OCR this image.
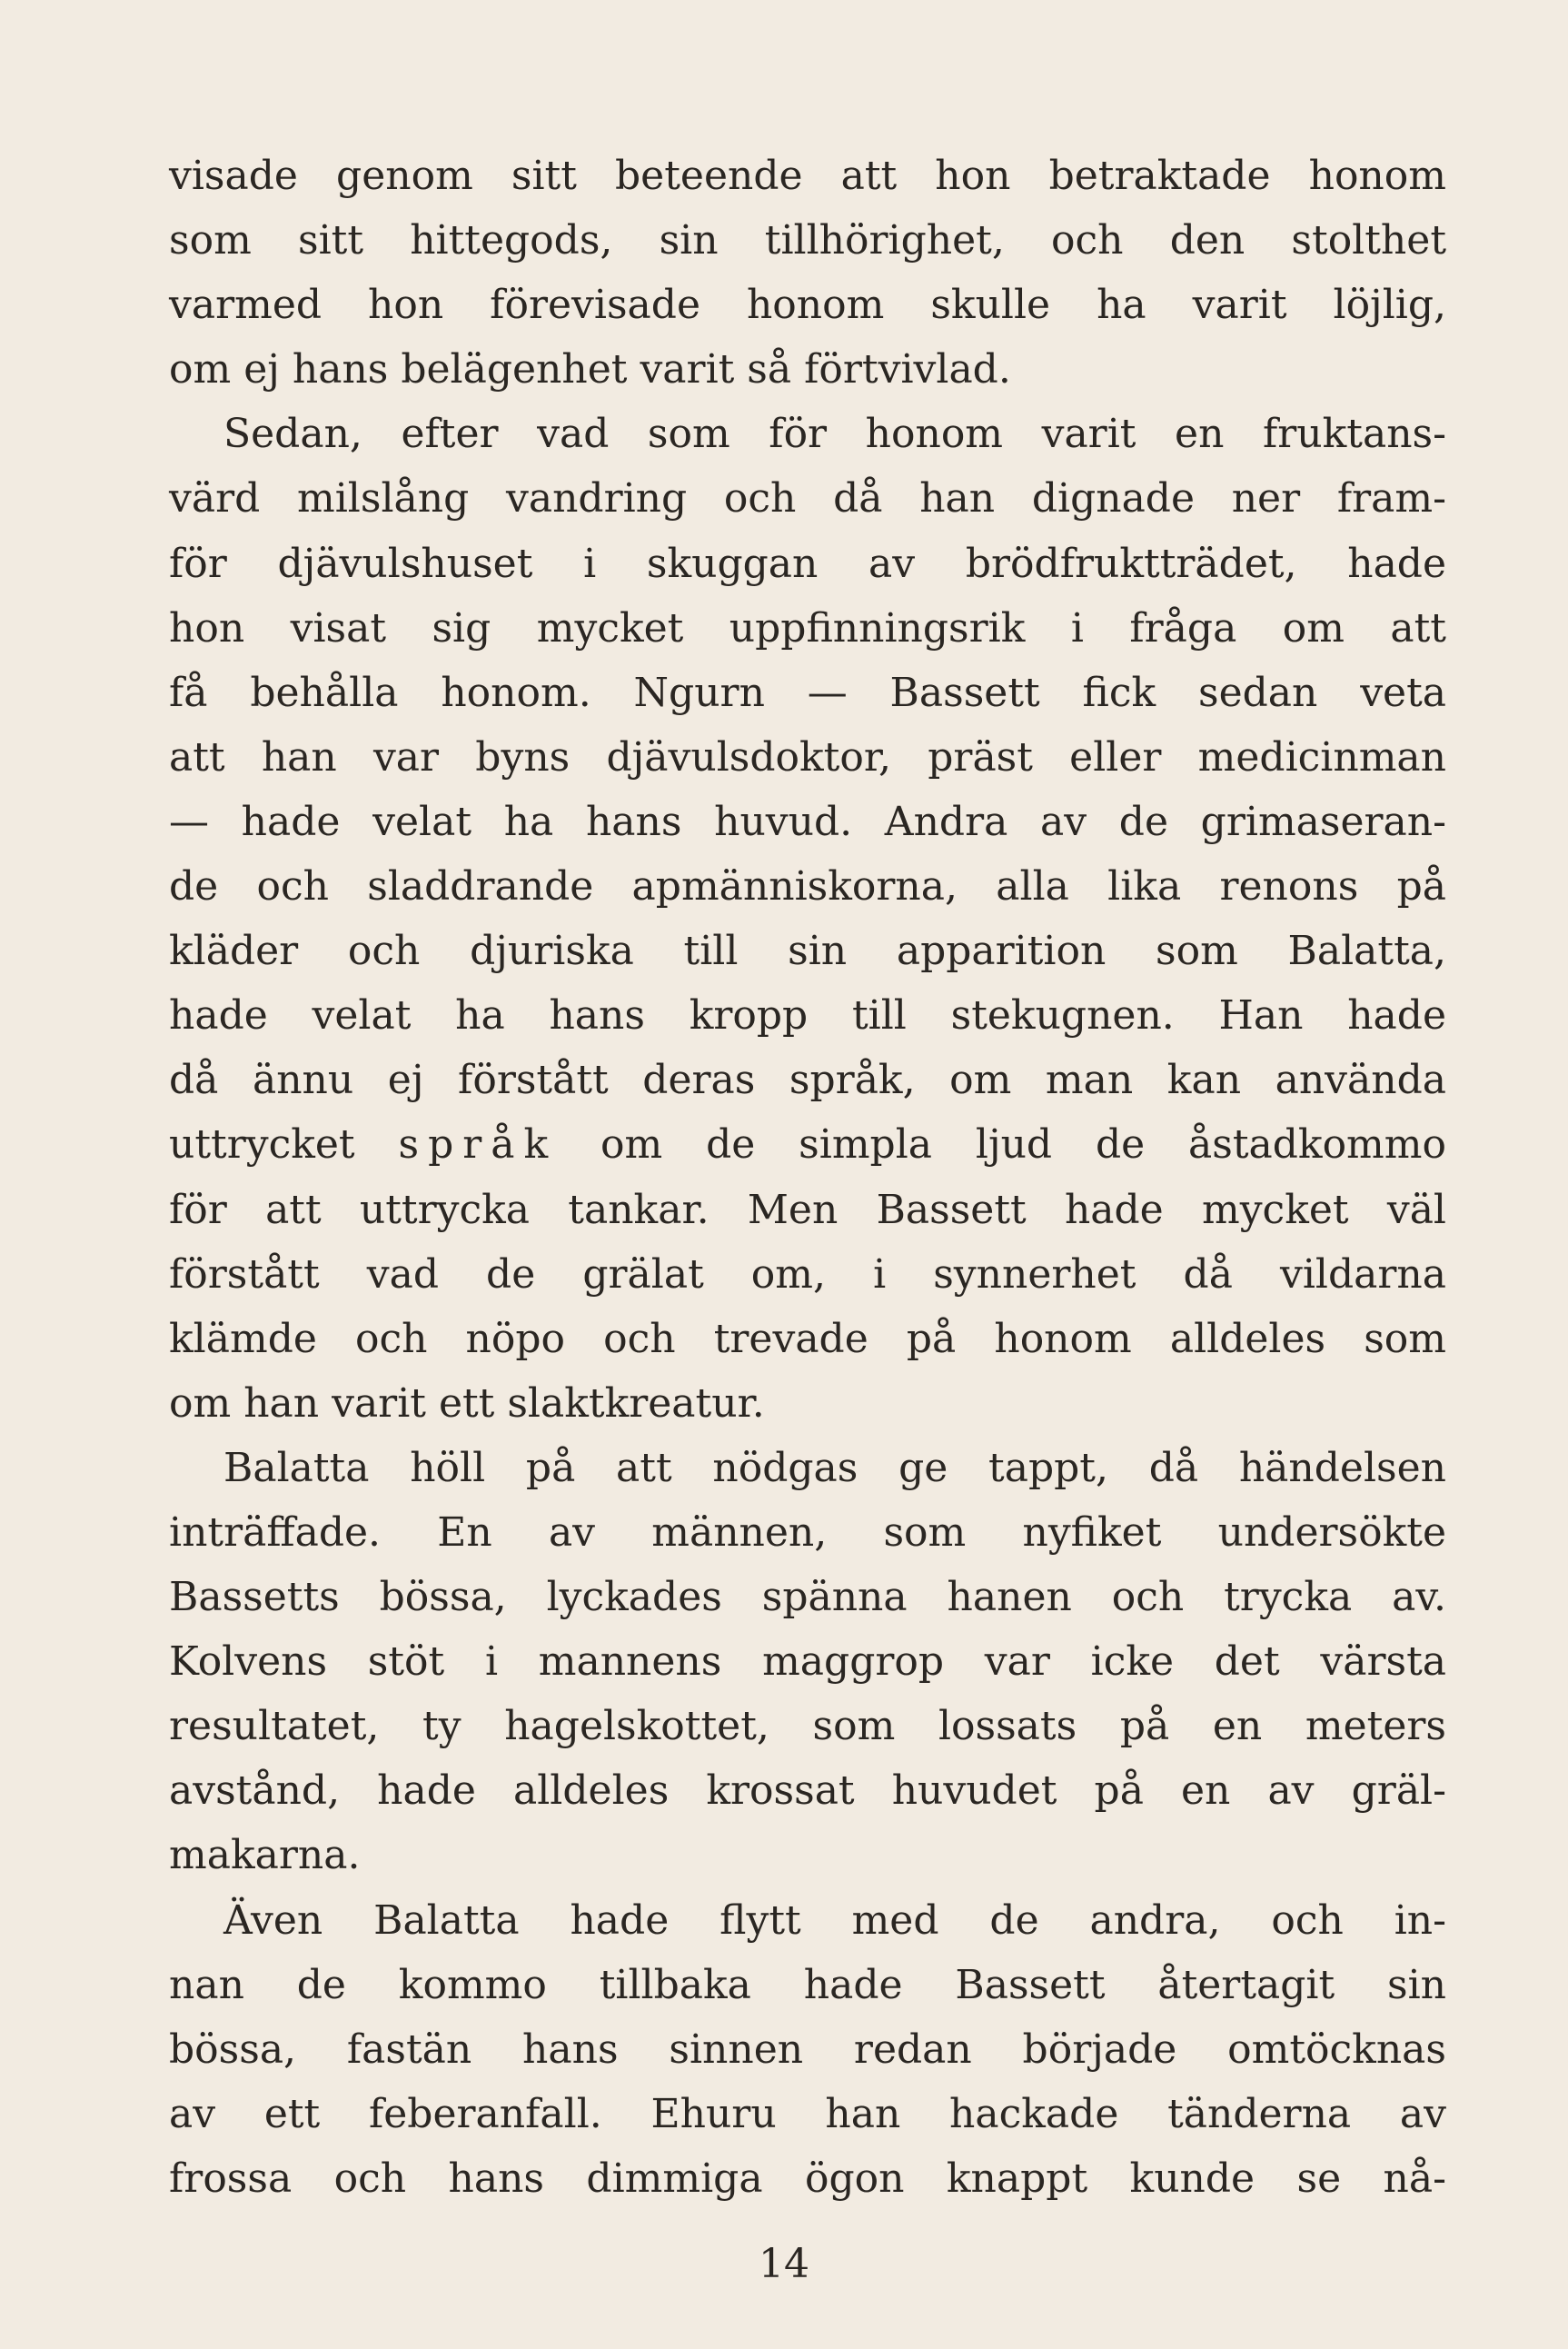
visade genom sitt beteende att hon betraktade honom
som sitt hittegods, sin tillhörighet, och den stolthet
varmed hon förevisade honom skulle ha varit löjlig,
om ej hans belägenhet varit så förtvivlad.
Sedan, efter vad som för honom varit en fruktans-
värd milslång vandring och då han dignade ner fram-
för djävulshuset i skuggan av brödfruktträdet, hade
hon visat sig mycket uppfinningsrik i fråga om att
få behålla honom. Ngurn — Bassett fick sedan veta
att han var byns djävulsdoktor, präst eller medicinman
— hade velat ha hans huvud. Andra av de grimaseran-
de och sladdrande apmänniskorna, alla lika renons på
kläder och djuriska till sin apparition som Balatta,
hade velat ha hans kropp till stekugnen. Han hade
då ännu ej förstått deras språk, om man kan använda
uttrycket språk om de simpla ljud de åstadkommo
för att uttrycka tankar. Men Bassett hade mycket väl
förstått vad de grälat om, i synnerhet då vildarna
klämde och nöpo och trevade på honom alldeles som
om han varit ett slaktkreatur.
Balatta höll på att nödgas ge tappt, då händelsen
inträffade. En av männen, som nyfiket undersökte
Bassetts bössa, lyckades spänna hanen och trycka av.
Kolvens stöt i mannens maggrop var icke det värsta
resultatet, ty hagelskottet, som lossats på en meters
avstånd, hade alldeles krossat huvudet på en av gräl-
makarna.
Även Balatta hade flytt med de andra, och in-
nan de kommo tillbaka hade Bassett återtagit sin
bössa, fastän hans sinnen redan började omtöcknas
av ett feberanfall. Ehuru han hackade tänderna av
frossa och hans dimmiga ögon knappt kunde se nå-
14
